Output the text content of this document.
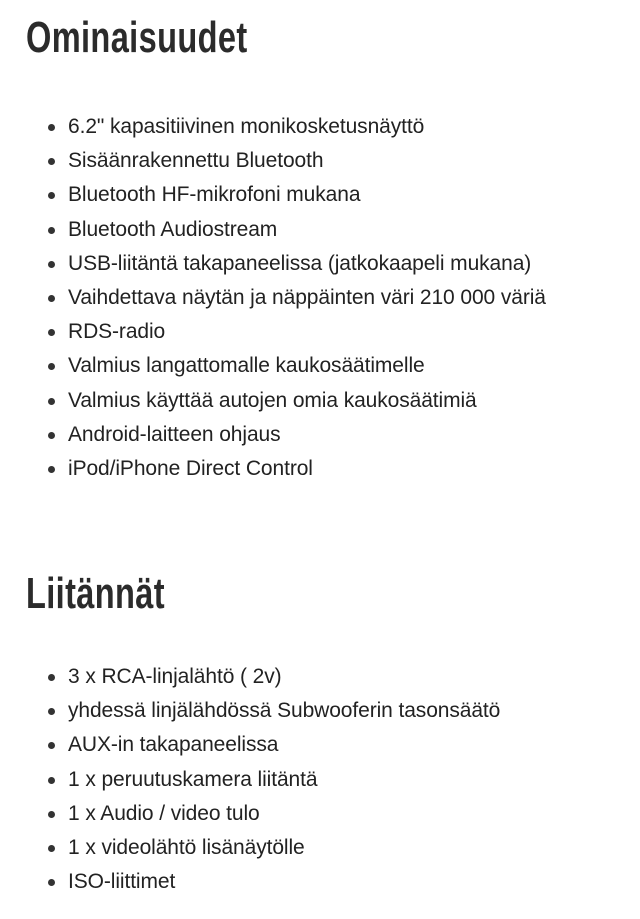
Ominaisuudet
6.2" kapasitiivinen monikosketusnäyttö
Sisäänrakennettu Bluetooth
Bluetooth HF-mikrofoni mukana
Bluetooth Audiostream
USB-liitäntä takapaneelissa (jatkokaapeli mukana)
Vaihdettava näytän ja näppäinten väri 210 000 väriä
RDS-radio
Valmius langattomalle kaukosäätimelle
Valmius käyttää autojen omia kaukosäätimiä
Android-laitteen ohjaus
iPod/iPhone Direct Control
Liitännät
3 x RCA-linjalähtö ( 2v)
yhdessä linjälähdössä Subwooferin tasonsäätö
AUX-in takapaneelissa
1 x peruutuskamera liitäntä
1 x Audio / video tulo
1 x videolähtö lisänäytölle
ISO-liittimet
